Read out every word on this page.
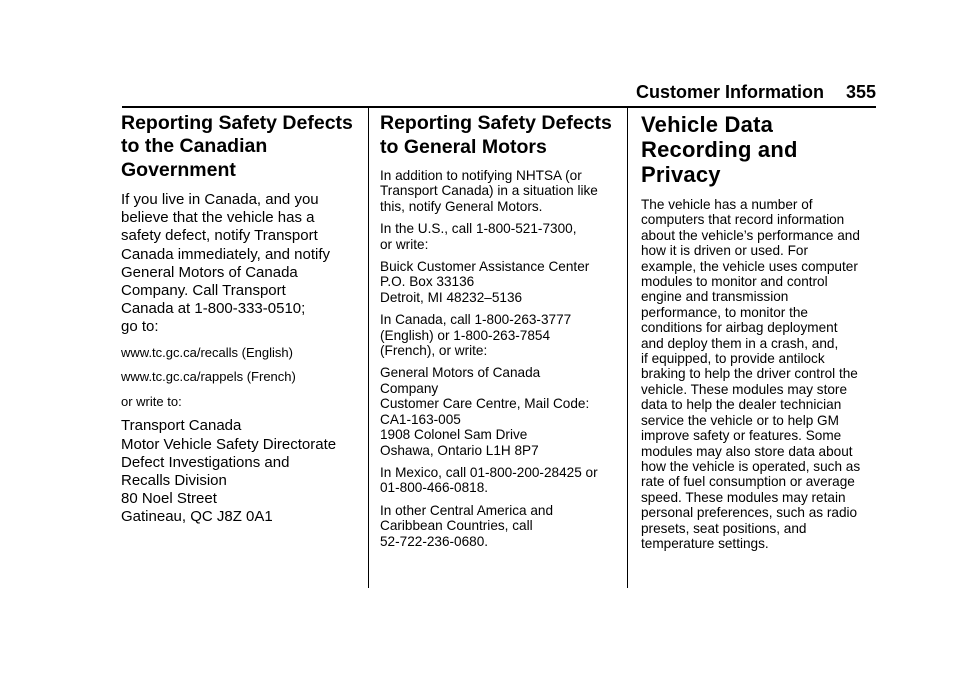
Customer Information 355
Reporting Safety Defects
to the Canadian
Government

If you live in Canada, and you
believe that the vehicle has a
safety defect, notify Transport
Canada immediately, and notify
General Motors of Canada
Company. Call Transport
Canada at 1-800-333-0510;
go to:

www.tc.gc.ca/recalls (English)

www.tc.gc.ca/rappels (French)

or write to:

Transport Canada
Motor Vehicle Safety Directorate
Defect Investigations and
Recalls Division
80 Noel Street
Gatineau, QC J8Z 0A1

Reporting Safety Defects
to General Motors

In addition to notifying NHTSA (or
Transport Canada) in a situation like
this, notify General Motors.

In the U.S., call 1-800-521-7300,
or write:

Buick Customer Assistance Center
P.O. Box 33136
Detroit, MI 48232–5136

In Canada, call 1-800-263-3777
(English) or 1-800-263-7854
(French), or write:

General Motors of Canada
Company
Customer Care Centre, Mail Code:
CA1-163-005
1908 Colonel Sam Drive
Oshawa, Ontario L1H 8P7

In Mexico, call 01-800-200-28425 or
01-800-466-0818.

In other Central America and
Caribbean Countries, call
52-722-236-0680.

Vehicle Data
Recording and
Privacy

The vehicle has a number of
computers that record information
about the vehicle’s performance and
how it is driven or used. For
example, the vehicle uses computer
modules to monitor and control
engine and transmission
performance, to monitor the
conditions for airbag deployment
and deploy them in a crash, and,
if equipped, to provide antilock
braking to help the driver control the
vehicle. These modules may store
data to help the dealer technician
service the vehicle or to help GM
improve safety or features. Some
modules may also store data about
how the vehicle is operated, such as
rate of fuel consumption or average
speed. These modules may retain
personal preferences, such as radio
presets, seat positions, and
temperature settings.
